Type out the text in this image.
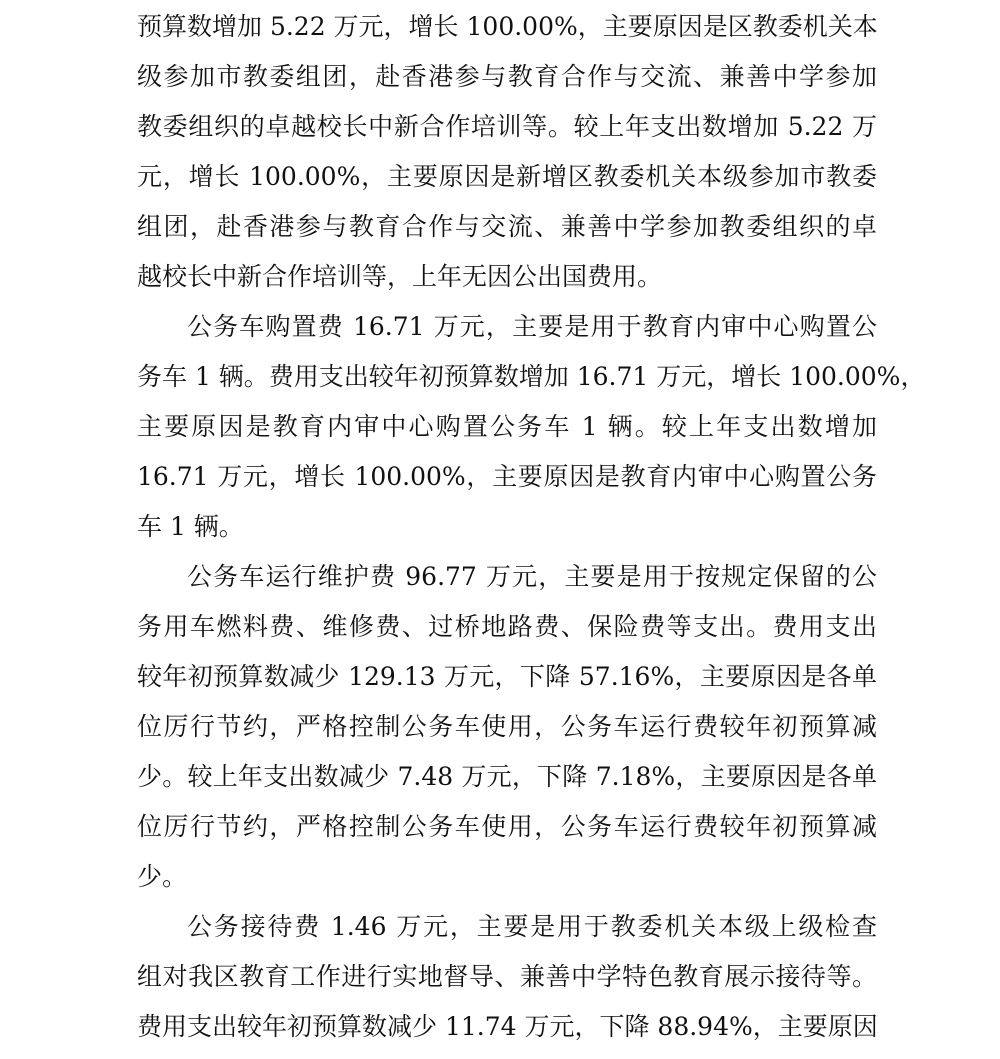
预算数增加 5.22 万元，增长 100.00%，主要原因是区教委机关本
级参加市教委组团，赴香港参与教育合作与交流、兼善中学参加
教委组织的卓越校长中新合作培训等。较上年支出数增加 5.22 万
元，增长 100.00%，主要原因是新增区教委机关本级参加市教委
组团，赴香港参与教育合作与交流、兼善中学参加教委组织的卓
越校长中新合作培训等，上年无因公出国费用。
公务车购置费 16.71 万元，主要是用于教育内审中心购置公
务车 1 辆。费用支出较年初预算数增加 16.71 万元，增长 100.00%，
主要原因是教育内审中心购置公务车 1 辆。较上年支出数增加
16.71 万元，增长 100.00%，主要原因是教育内审中心购置公务
车 1 辆。
公务车运行维护费 96.77 万元，主要是用于按规定保留的公
务用车燃料费、维修费、过桥地路费、保险费等支出。费用支出
较年初预算数减少 129.13 万元，下降 57.16%，主要原因是各单
位厉行节约，严格控制公务车使用，公务车运行费较年初预算减
少。较上年支出数减少 7.48 万元，下降 7.18%，主要原因是各单
位厉行节约，严格控制公务车使用，公务车运行费较年初预算减
少。
公务接待费 1.46 万元，主要是用于教委机关本级上级检查
组对我区教育工作进行实地督导、兼善中学特色教育展示接待等。
费用支出较年初预算数减少 11.74 万元，下降 88.94%，主要原因
